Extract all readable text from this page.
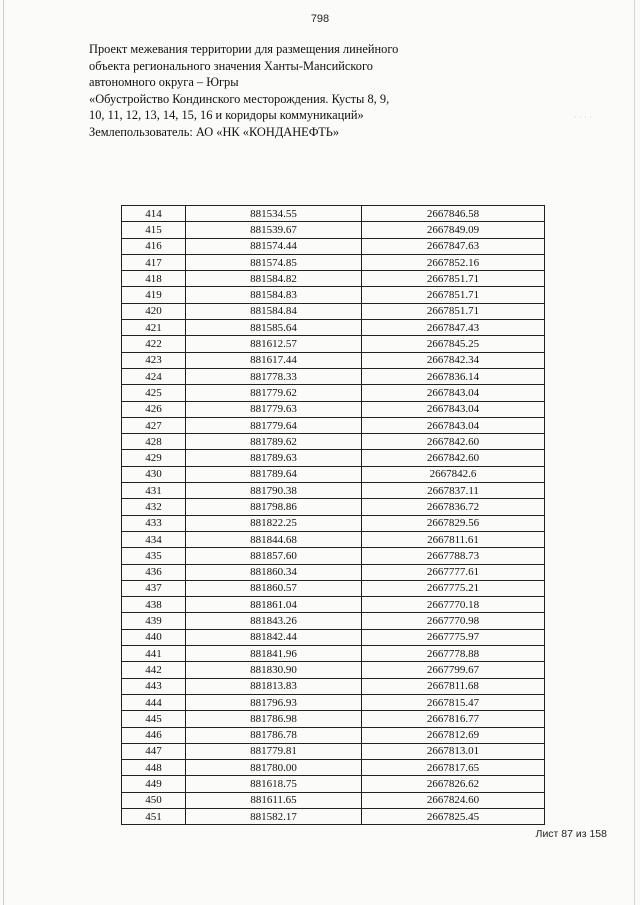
· · · ·
798
Проект межевания территории для размещения линейного
объекта регионального значения Ханты-Мансийского
автономного округа – Югры
«Обустройство Кондинского месторождения. Кусты 8, 9,
10, 11, 12, 13, 14, 15, 16 и коридоры коммуникаций»
Землепользователь: АО «НК «КОНДАНЕФТЬ»
414	881534.55	2667846.58
415	881539.67	2667849.09
416	881574.44	2667847.63
417	881574.85	2667852.16
418	881584.82	2667851.71
419	881584.83	2667851.71
420	881584.84	2667851.71
421	881585.64	2667847.43
422	881612.57	2667845.25
423	881617.44	2667842.34
424	881778.33	2667836.14
425	881779.62	2667843.04
426	881779.63	2667843.04
427	881779.64	2667843.04
428	881789.62	2667842.60
429	881789.63	2667842.60
430	881789.64	2667842.6
431	881790.38	2667837.11
432	881798.86	2667836.72
433	881822.25	2667829.56
434	881844.68	2667811.61
435	881857.60	2667788.73
436	881860.34	2667777.61
437	881860.57	2667775.21
438	881861.04	2667770.18
439	881843.26	2667770.98
440	881842.44	2667775.97
441	881841.96	2667778.88
442	881830.90	2667799.67
443	881813.83	2667811.68
444	881796.93	2667815.47
445	881786.98	2667816.77
446	881786.78	2667812.69
447	881779.81	2667813.01
448	881780.00	2667817.65
449	881618.75	2667826.62
450	881611.65	2667824.60
451	881582.17	2667825.45
Лист 87 из 158
